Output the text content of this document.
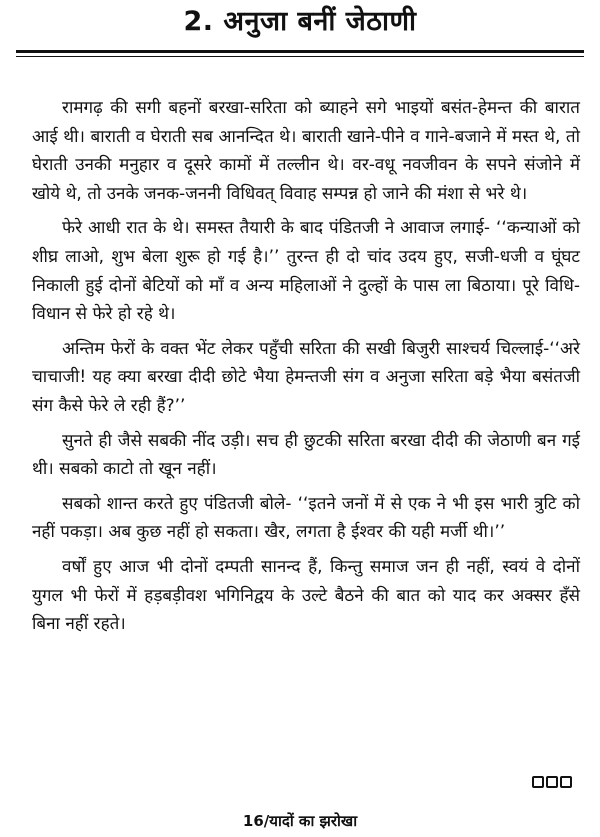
2. अनुजा बनीं जेठाणी

रामगढ़ की सगी बहनों बरखा-सरिता को ब्याहने सगे भाइयों बसंत-हेमन्त की बारात आई थी। बाराती व घेराती सब आनन्दित थे। बाराती खाने-पीने व गाने-बजाने में मस्त थे, तो घेराती उनकी मनुहार व दूसरे कामों में तल्लीन थे। वर-वधू नवजीवन के सपने संजोने में खोये थे, तो उनके जनक-जननी विधिवत् विवाह सम्पन्न हो जाने की मंशा से भरे थे।

फेरे आधी रात के थे। समस्त तैयारी के बाद पंडितजी ने आवाज लगाई- ‘‘कन्याओं को शीघ्र लाओ, शुभ बेला शुरू हो गई है।’’ तुरन्त ही दो चांद उदय हुए, सजी-धजी व घूंघट निकाली हुई दोनों बेटियों को माँ व अन्य महिलाओं ने दुल्हों के पास ला बिठाया। पूरे विधि-विधान से फेरे हो रहे थे।

अन्तिम फेरों के वक्त भेंट लेकर पहुँची सरिता की सखी बिजुरी साश्चर्य चिल्लाई-‘‘अरे चाचाजी! यह क्या बरखा दीदी छोटे भैया हेमन्तजी संग व अनुजा सरिता बड़े भैया बसंतजी संग कैसे फेरे ले रही हैं?’’

सुनते ही जैसे सबकी नींद उड़ी। सच ही छुटकी सरिता बरखा दीदी की जेठाणी बन गई थी। सबको काटो तो खून नहीं।

सबको शान्त करते हुए पंडितजी बोले- ‘‘इतने जनों में से एक ने भी इस भारी त्रुटि को नहीं पकड़ा। अब कुछ नहीं हो सकता। खैर, लगता है ईश्वर की यही मर्जी थी।’’

वर्षों हुए आज भी दोनों दम्पती सानन्द हैं, किन्तु समाज जन ही नहीं, स्वयं वे दोनों युगल भी फेरों में हड़बड़ीवश भगिनिद्वय के उल्टे बैठने की बात को याद कर अक्सर हँसे बिना नहीं रहते।

16/यादों का झरोखा
